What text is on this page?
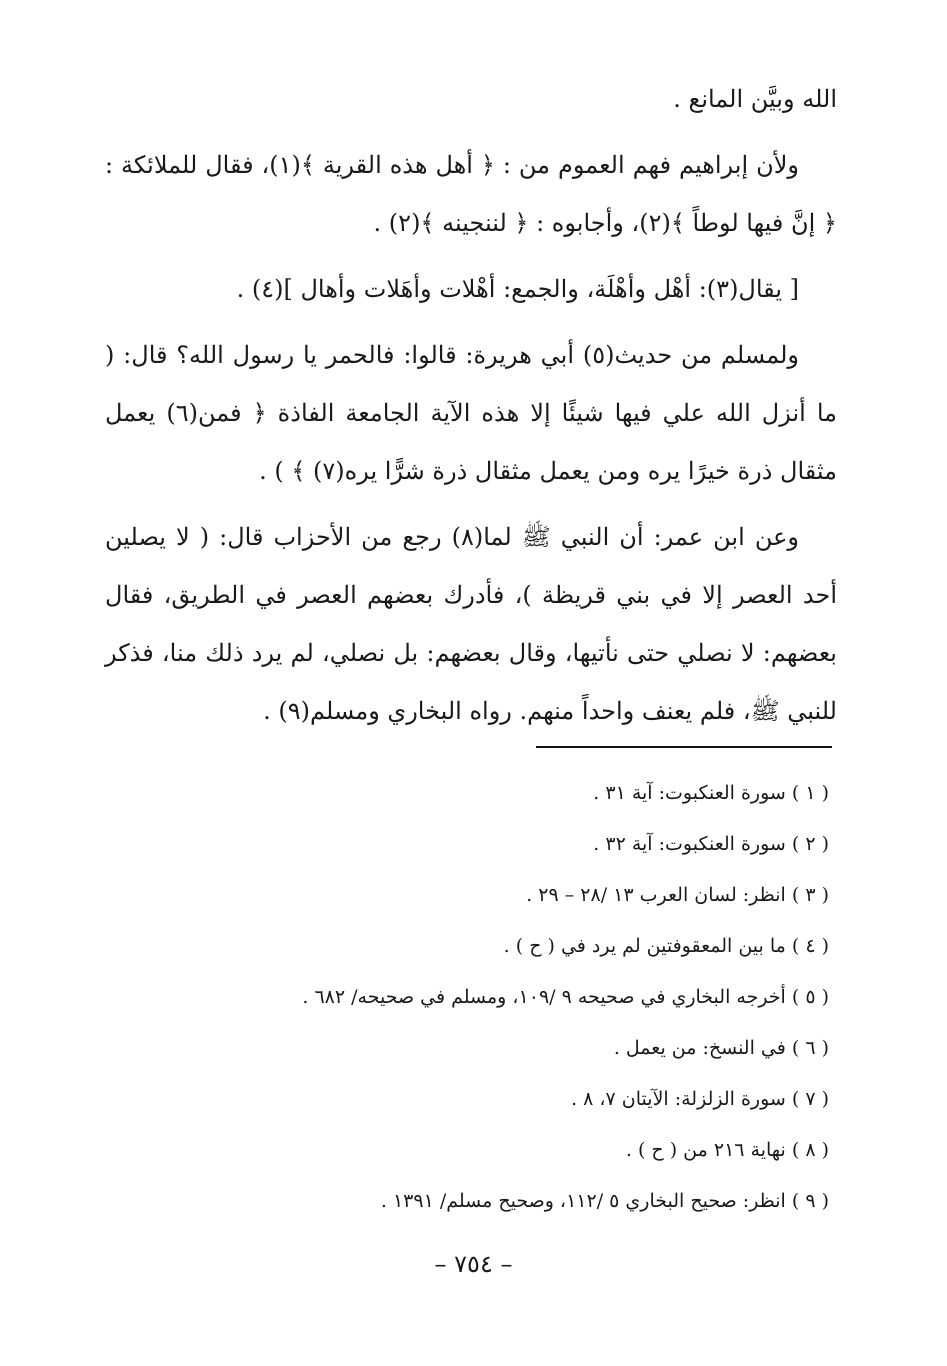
الله وبيَّن المانع .

ولأن إبراهيم فهم العموم من : ﴿ أهل هذه القرية ﴾(١)، فقال للملائكة : ﴿ إنَّ فيها لوطاً ﴾(٢)، وأجابوه : ﴿ لننجينه ﴾(٢) .

[ يقال(٣): أهْل وأهْلَة، والجمع: أهْلات وأهَلات وأهال ](٤) .

ولمسلم من حديث(٥) أبي هريرة: قالوا: فالحمر يا رسول الله؟ قال: ( ما أنزل الله علي فيها شيئًا إلا هذه الآية الجامعة الفاذة ﴿ فمن(٦) يعمل مثقال ذرة خيرًا يره ومن يعمل مثقال ذرة شرًّا يره(٧) ﴾ ) .

وعن ابن عمر: أن النبي ﷺ لما(٨) رجع من الأحزاب قال: ( لا يصلين أحد العصر إلا في بني قريظة )، فأدرك بعضهم العصر في الطريق، فقال بعضهم: لا نصلي حتى نأتيها، وقال بعضهم: بل نصلي، لم يرد ذلك منا، فذكر للنبي ﷺ، فلم يعنف واحداً منهم. رواه البخاري ومسلم(٩) .

( ١ ) سورة العنكبوت: آية ٣١ .
( ٢ ) سورة العنكبوت: آية ٣٢ .
( ٣ ) انظر: لسان العرب ١٣ /٢٨ – ٢٩ .
( ٤ ) ما بين المعقوفتين لم يرد في ( ح ) .
( ٥ ) أخرجه البخاري في صحيحه ٩ /١٠٩، ومسلم في صحيحه/ ٦٨٢ .
( ٦ ) في النسخ: من يعمل .
( ٧ ) سورة الزلزلة: الآيتان ٧، ٨ .
( ٨ ) نهاية ٢١٦ من ( ح ) .
( ٩ ) انظر: صحيح البخاري ٥ /١١٢، وصحيح مسلم/ ١٣٩١ .
– ٧٥٤ –
